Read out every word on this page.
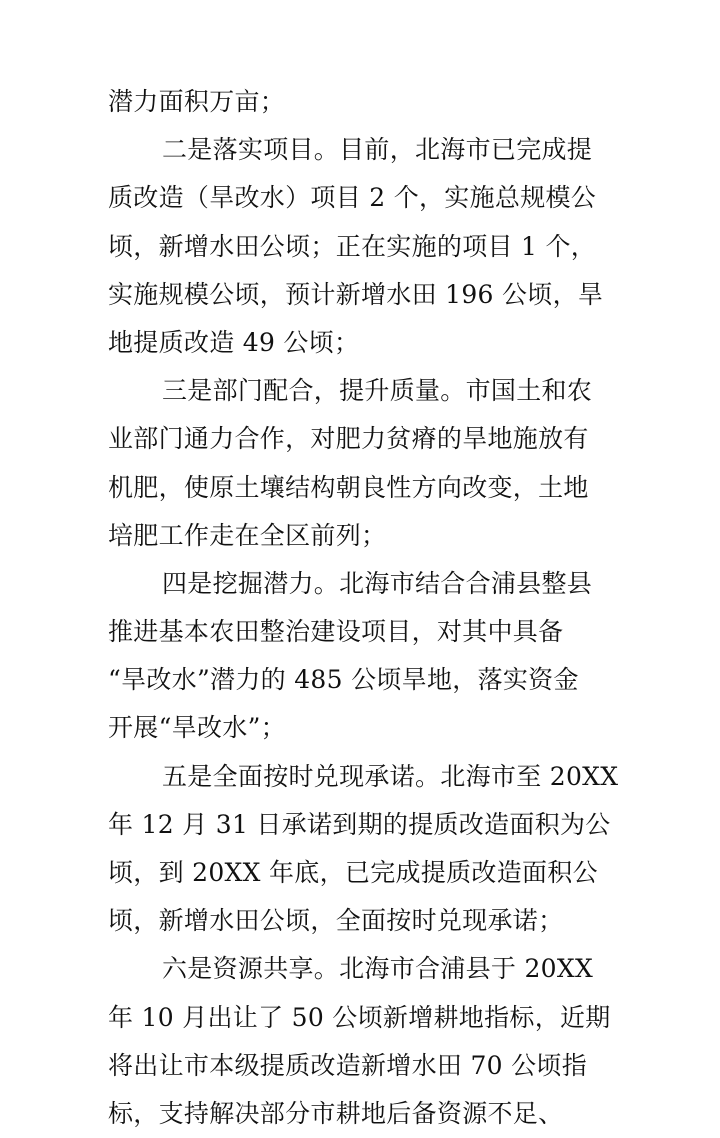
潜力面积万亩；
二是落实项目。目前，北海市已完成提
质改造（旱改水）项目 2 个，实施总规模公
顷，新增水田公顷；正在实施的项目 1 个，
实施规模公顷，预计新增水田 196 公顷，旱
地提质改造 49 公顷；
三是部门配合，提升质量。市国土和农
业部门通力合作，对肥力贫瘠的旱地施放有
机肥，使原土壤结构朝良性方向改变，土地
培肥工作走在全区前列；
四是挖掘潜力。北海市结合合浦县整县
推进基本农田整治建设项目，对其中具备
“旱改水”潜力的 485 公顷旱地，落实资金
开展“旱改水”；
五是全面按时兑现承诺。北海市至 20XX
年 12 月 31 日承诺到期的提质改造面积为公
顷，到 20XX 年底，已完成提质改造面积公
顷，新增水田公顷，全面按时兑现承诺；
六是资源共享。北海市合浦县于 20XX
年 10 月出让了 50 公顷新增耕地指标，近期
将出让市本级提质改造新增水田 70 公顷指
标，支持解决部分市耕地后备资源不足、
